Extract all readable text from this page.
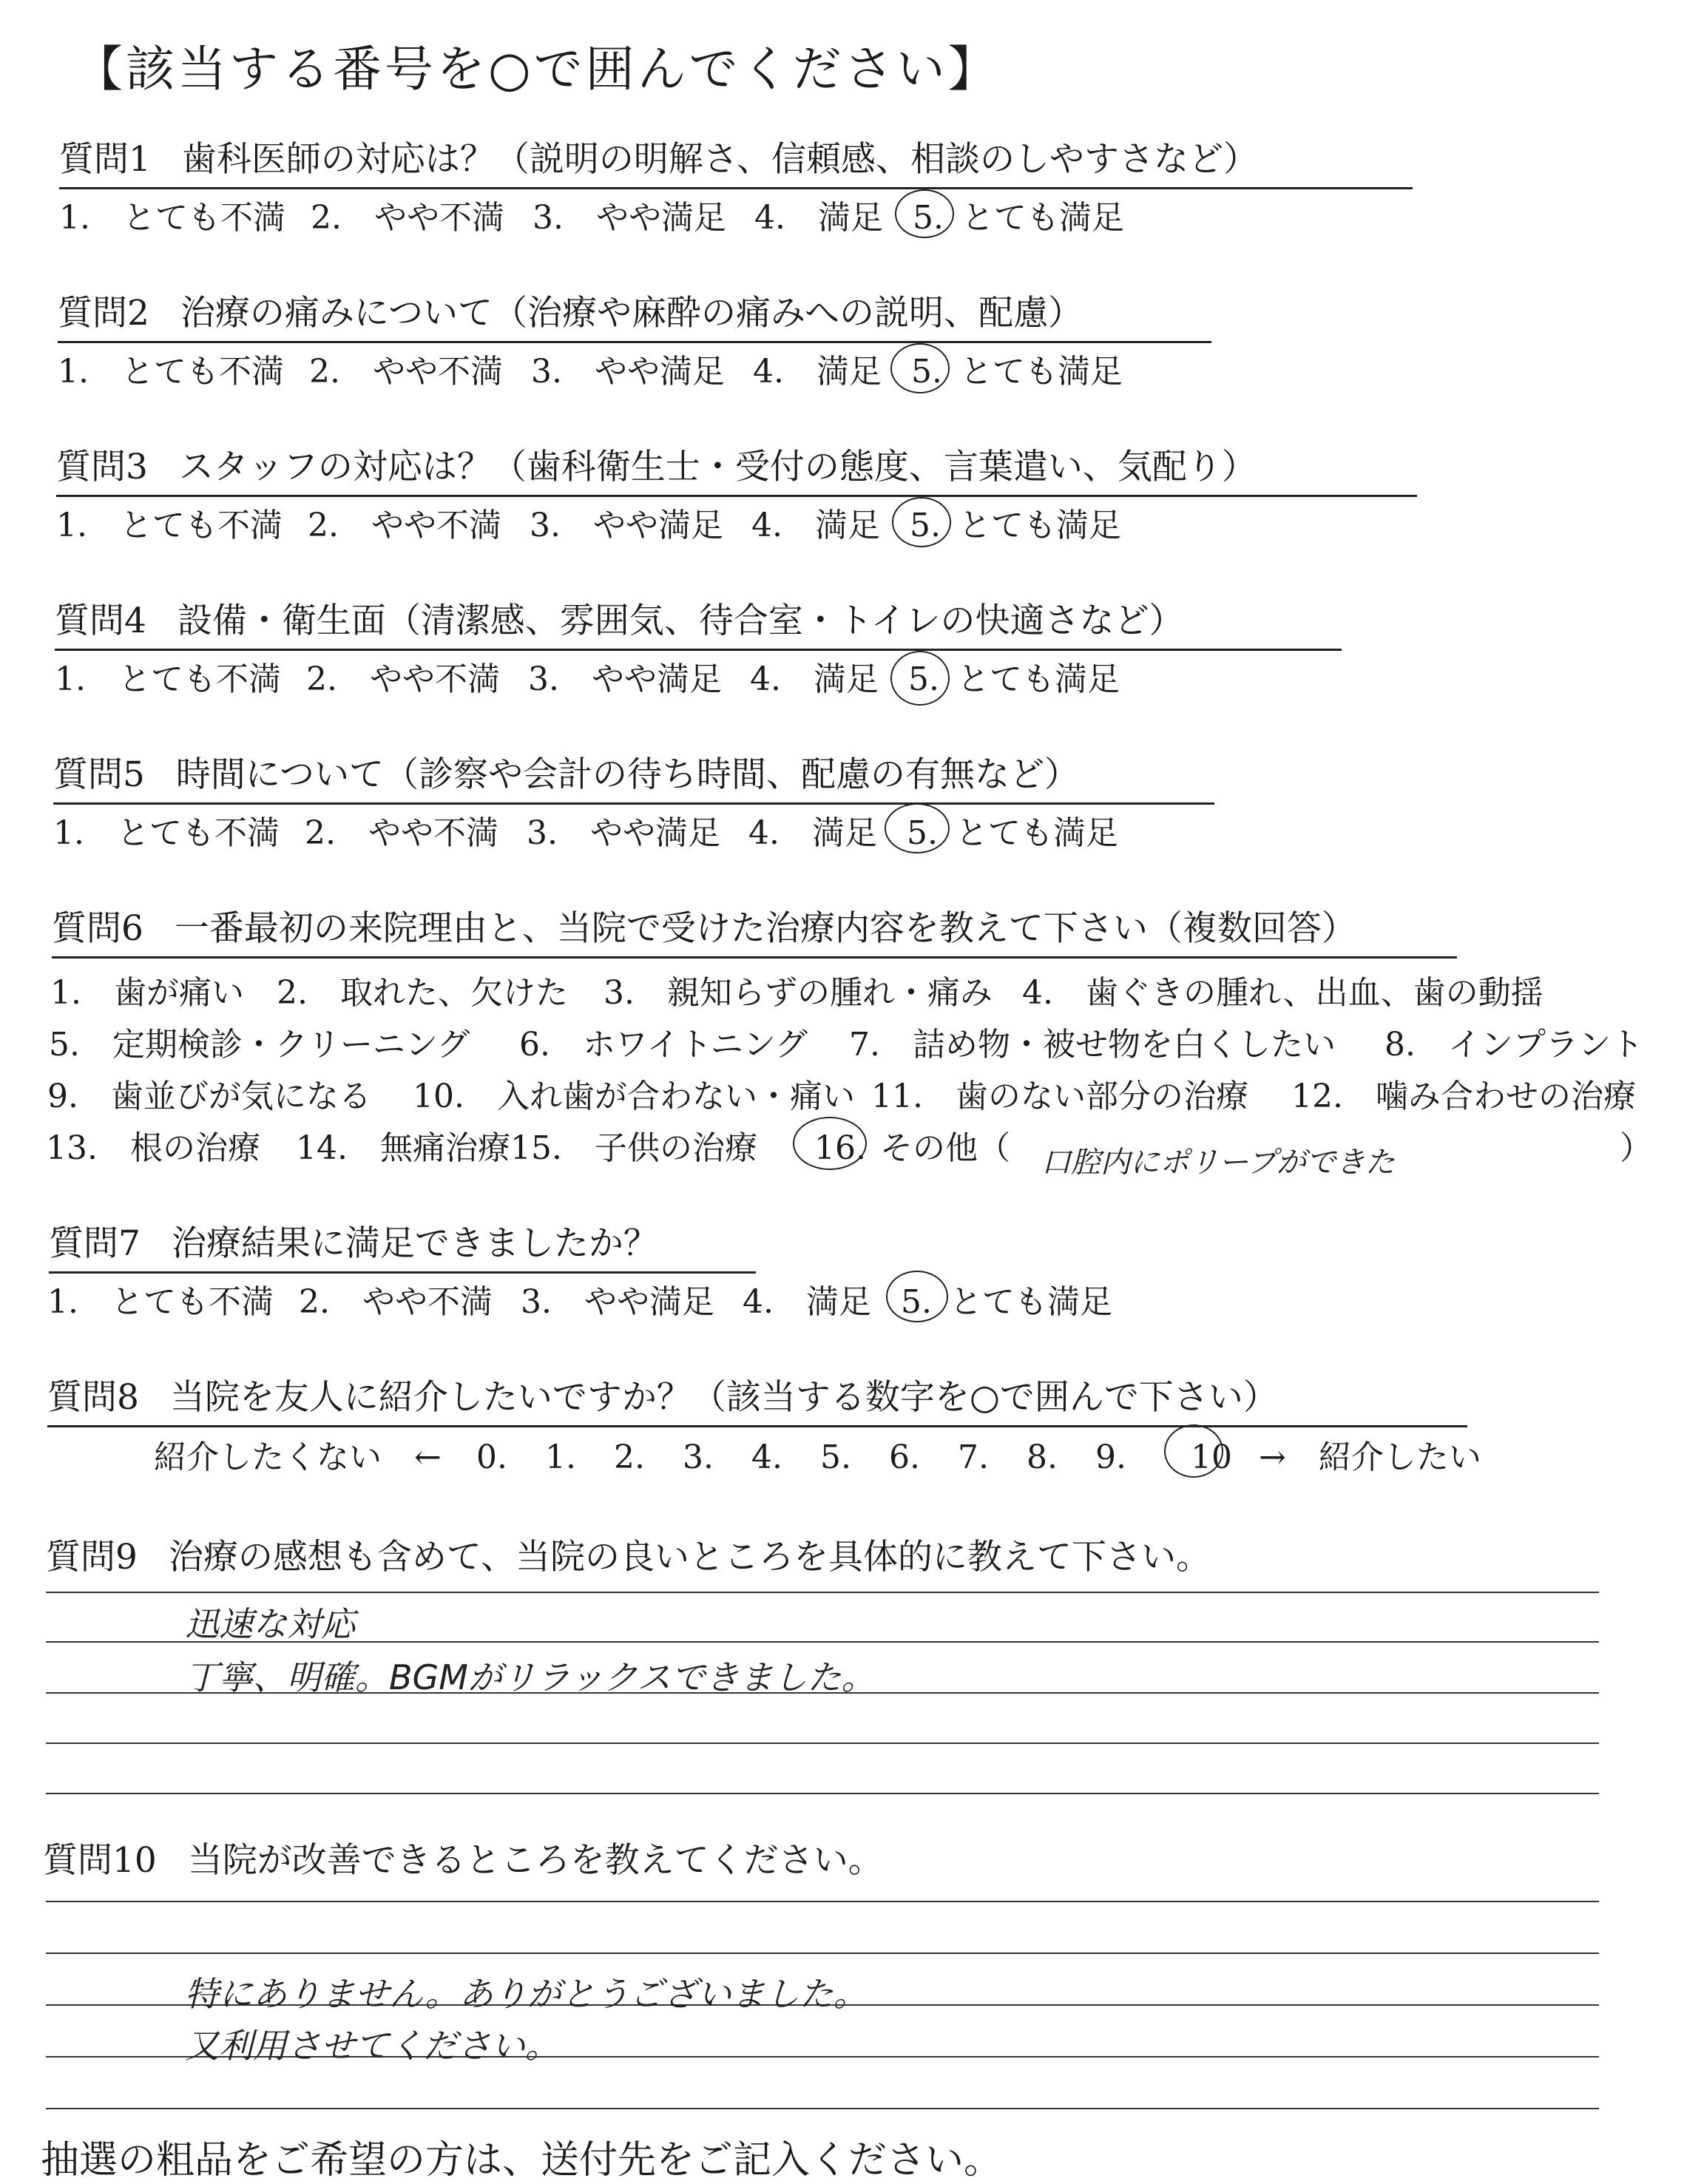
【該当する番号を○で囲んでください】
質問1 歯科医師の対応は？（説明の明解さ、信頼感、相談のしやすさなど）
1.　とても不満 2.　やや不満 3.　やや満足 4.　満足 5. とても満足
質問2 治療の痛みについて（治療や麻酔の痛みへの説明、配慮）
1.　とても不満 2.　やや不満 3.　やや満足 4.　満足 5. とても満足
質問3 スタッフの対応は？（歯科衛生士・受付の態度、言葉遣い、気配り）
1.　とても不満 2.　やや不満 3.　やや満足 4.　満足 5. とても満足
質問4 設備・衛生面（清潔感、雰囲気、待合室・トイレの快適さなど）
1.　とても不満 2.　やや不満 3.　やや満足 4.　満足 5. とても満足
質問5 時間について（診察や会計の待ち時間、配慮の有無など）
1.　とても不満 2.　やや不満 3.　やや満足 4.　満足 5. とても満足
質問6 一番最初の来院理由と、当院で受けた治療内容を教えて下さい（複数回答）
1.　歯が痛い 2.　取れた、欠けた 3.　親知らずの腫れ・痛み 4.　歯ぐきの腫れ、出血、歯の動揺
5.　定期検診・クリーニング 6.　ホワイトニング 7.　詰め物・被せ物を白くしたい 8.　インプラント
9.　歯並びが気になる 10.　入れ歯が合わない・痛い 11.　歯のない部分の治療 12.　噛み合わせの治療
13.　根の治療 14.　無痛治療15.　子供の治療 16. その他（	）
口腔内にポリープができた
質問7 治療結果に満足できましたか？
1.　とても不満 2.　やや不満 3.　やや満足 4.　満足 5. とても満足
質問8 当院を友人に紹介したいですか？（該当する数字を○で囲んで下さい）
紹介したくない　← 0. 1. 2. 3. 4. 5. 6. 7. 8. 9. 10 →　紹介したい
質問9 治療の感想も含めて、当院の良いところを具体的に教えて下さい。
迅速な対応
丁寧、明確。BGMがリラックスできました。
質問10 当院が改善できるところを教えてください。
特にありません。ありがとうございました。
又利用させてください。
抽選の粗品をご希望の方は、送付先をご記入ください。
